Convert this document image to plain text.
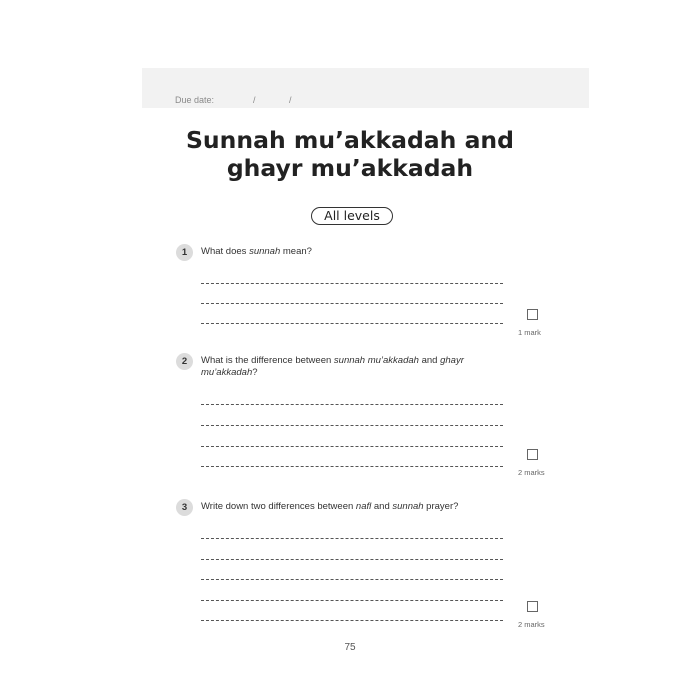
Due date:	/	/
Sunnah mu’akkadah and
ghayr mu’akkadah
All levels
1	What does sunnah mean?
1 mark
2	What is the difference between sunnah mu’akkadah and ghayr mu’akkadah?
2 marks
3	Write down two differences between nafl and sunnah prayer?
2 marks
75
